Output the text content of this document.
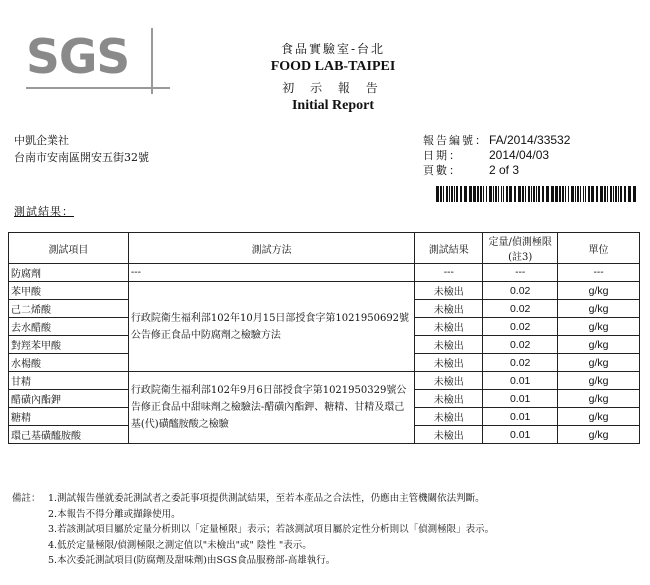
SGS	食品實驗室-台北
FOOD LAB-TAIPEI
初 示 報 告
Initial Report
中凱企業社
台南市安南區開安五街32號
報告編號： FA/2014/33532
日期：	2014/04/03
頁數：	2 of 3
測試結果：
測試項目	測試方法	測試結果	定量/偵測極限(註3)	單位
防腐劑	---	---	---	---
苯甲酸	行政院衛生福利部102年10月15日部授食字第1021950692號公告修正食品中防腐劑之檢驗方法	未檢出	0.02	g/kg
己二烯酸		未檢出	0.02	g/kg
去水醋酸		未檢出	0.02	g/kg
對羥苯甲酸		未檢出	0.02	g/kg
水楊酸		未檢出	0.02	g/kg
甘精	行政院衛生福利部102年9月6日部授食字第1021950329號公告修正食品中甜味劑之檢驗法-醋磺內酯鉀、糖精、甘精及環己基(代)磺醯胺酸之檢驗	未檢出	0.01	g/kg
醋磺內酯鉀		未檢出	0.01	g/kg
糖精		未檢出	0.01	g/kg
環己基磺醯胺酸		未檢出	0.01	g/kg
備註： 1.測試報告僅就委託測試者之委託事項提供測試結果，至若本產品之合法性，仍應由主管機關依法判斷。
2.本報告不得分離或擷錄使用。
3.若該測試項目屬於定量分析則以「定量極限」表示；若該測試項目屬於定性分析則以「偵測極限」表示。
4.低於定量極限/偵測極限之測定值以"未檢出"或" 陰性 "表示。
5.本次委託測試項目(防腐劑及甜味劑)由SGS食品服務部-高雄執行。
